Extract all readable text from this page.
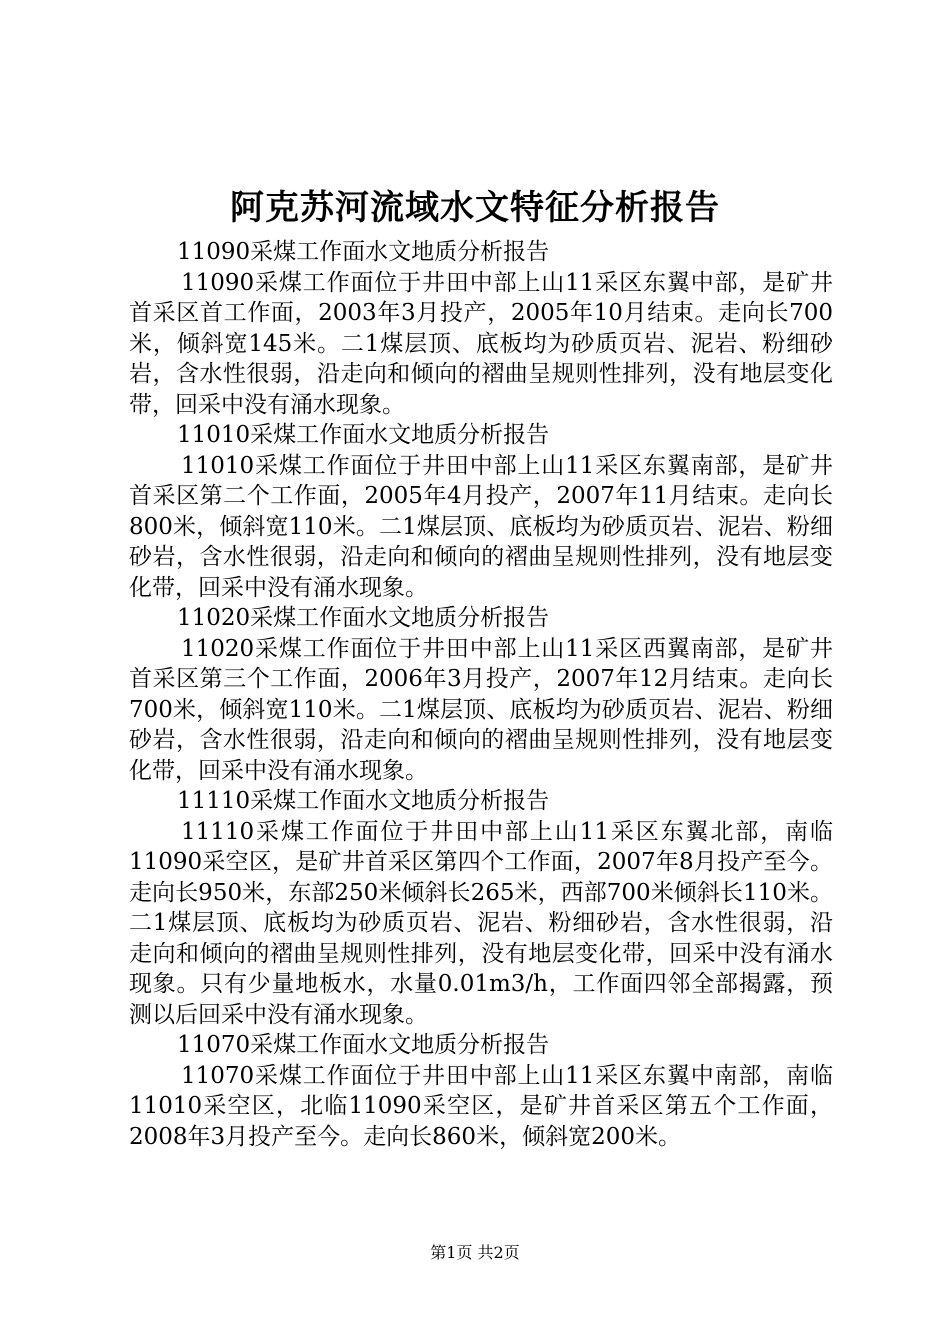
阿克苏河流域水文特征分析报告

11090采煤工作面水文地质分析报告

11090采煤工作面位于井田中部上山11采区东翼中部，是矿井首采区首工作面，2003年3月投产，2005年10月结束。走向长700米，倾斜宽145米。二1煤层顶、底板均为砂质页岩、泥岩、粉细砂岩，含水性很弱，沿走向和倾向的褶曲呈规则性排列，没有地层变化带，回采中没有涌水现象。

11010采煤工作面水文地质分析报告

11010采煤工作面位于井田中部上山11采区东翼南部，是矿井首采区第二个工作面，2005年4月投产，2007年11月结束。走向长800米，倾斜宽110米。二1煤层顶、底板均为砂质页岩、泥岩、粉细砂岩，含水性很弱，沿走向和倾向的褶曲呈规则性排列，没有地层变化带，回采中没有涌水现象。

11020采煤工作面水文地质分析报告

11020采煤工作面位于井田中部上山11采区西翼南部，是矿井首采区第三个工作面，2006年3月投产，2007年12月结束。走向长700米，倾斜宽110米。二1煤层顶、底板均为砂质页岩、泥岩、粉细砂岩，含水性很弱，沿走向和倾向的褶曲呈规则性排列，没有地层变化带，回采中没有涌水现象。

11110采煤工作面水文地质分析报告

11110采煤工作面位于井田中部上山11采区东翼北部，南临11090采空区，是矿井首采区第四个工作面，2007年8月投产至今。走向长950米，东部250米倾斜长265米，西部700米倾斜长110米。二1煤层顶、底板均为砂质页岩、泥岩、粉细砂岩，含水性很弱，沿走向和倾向的褶曲呈规则性排列，没有地层变化带，回采中没有涌水现象。只有少量地板水，水量0.01m3/h，工作面四邻全部揭露，预测以后回采中没有涌水现象。

11070采煤工作面水文地质分析报告

11070采煤工作面位于井田中部上山11采区东翼中南部，南临11010采空区，北临11090采空区，是矿井首采区第五个工作面，2008年3月投产至今。走向长860米，倾斜宽200米。

第1页 共2页
